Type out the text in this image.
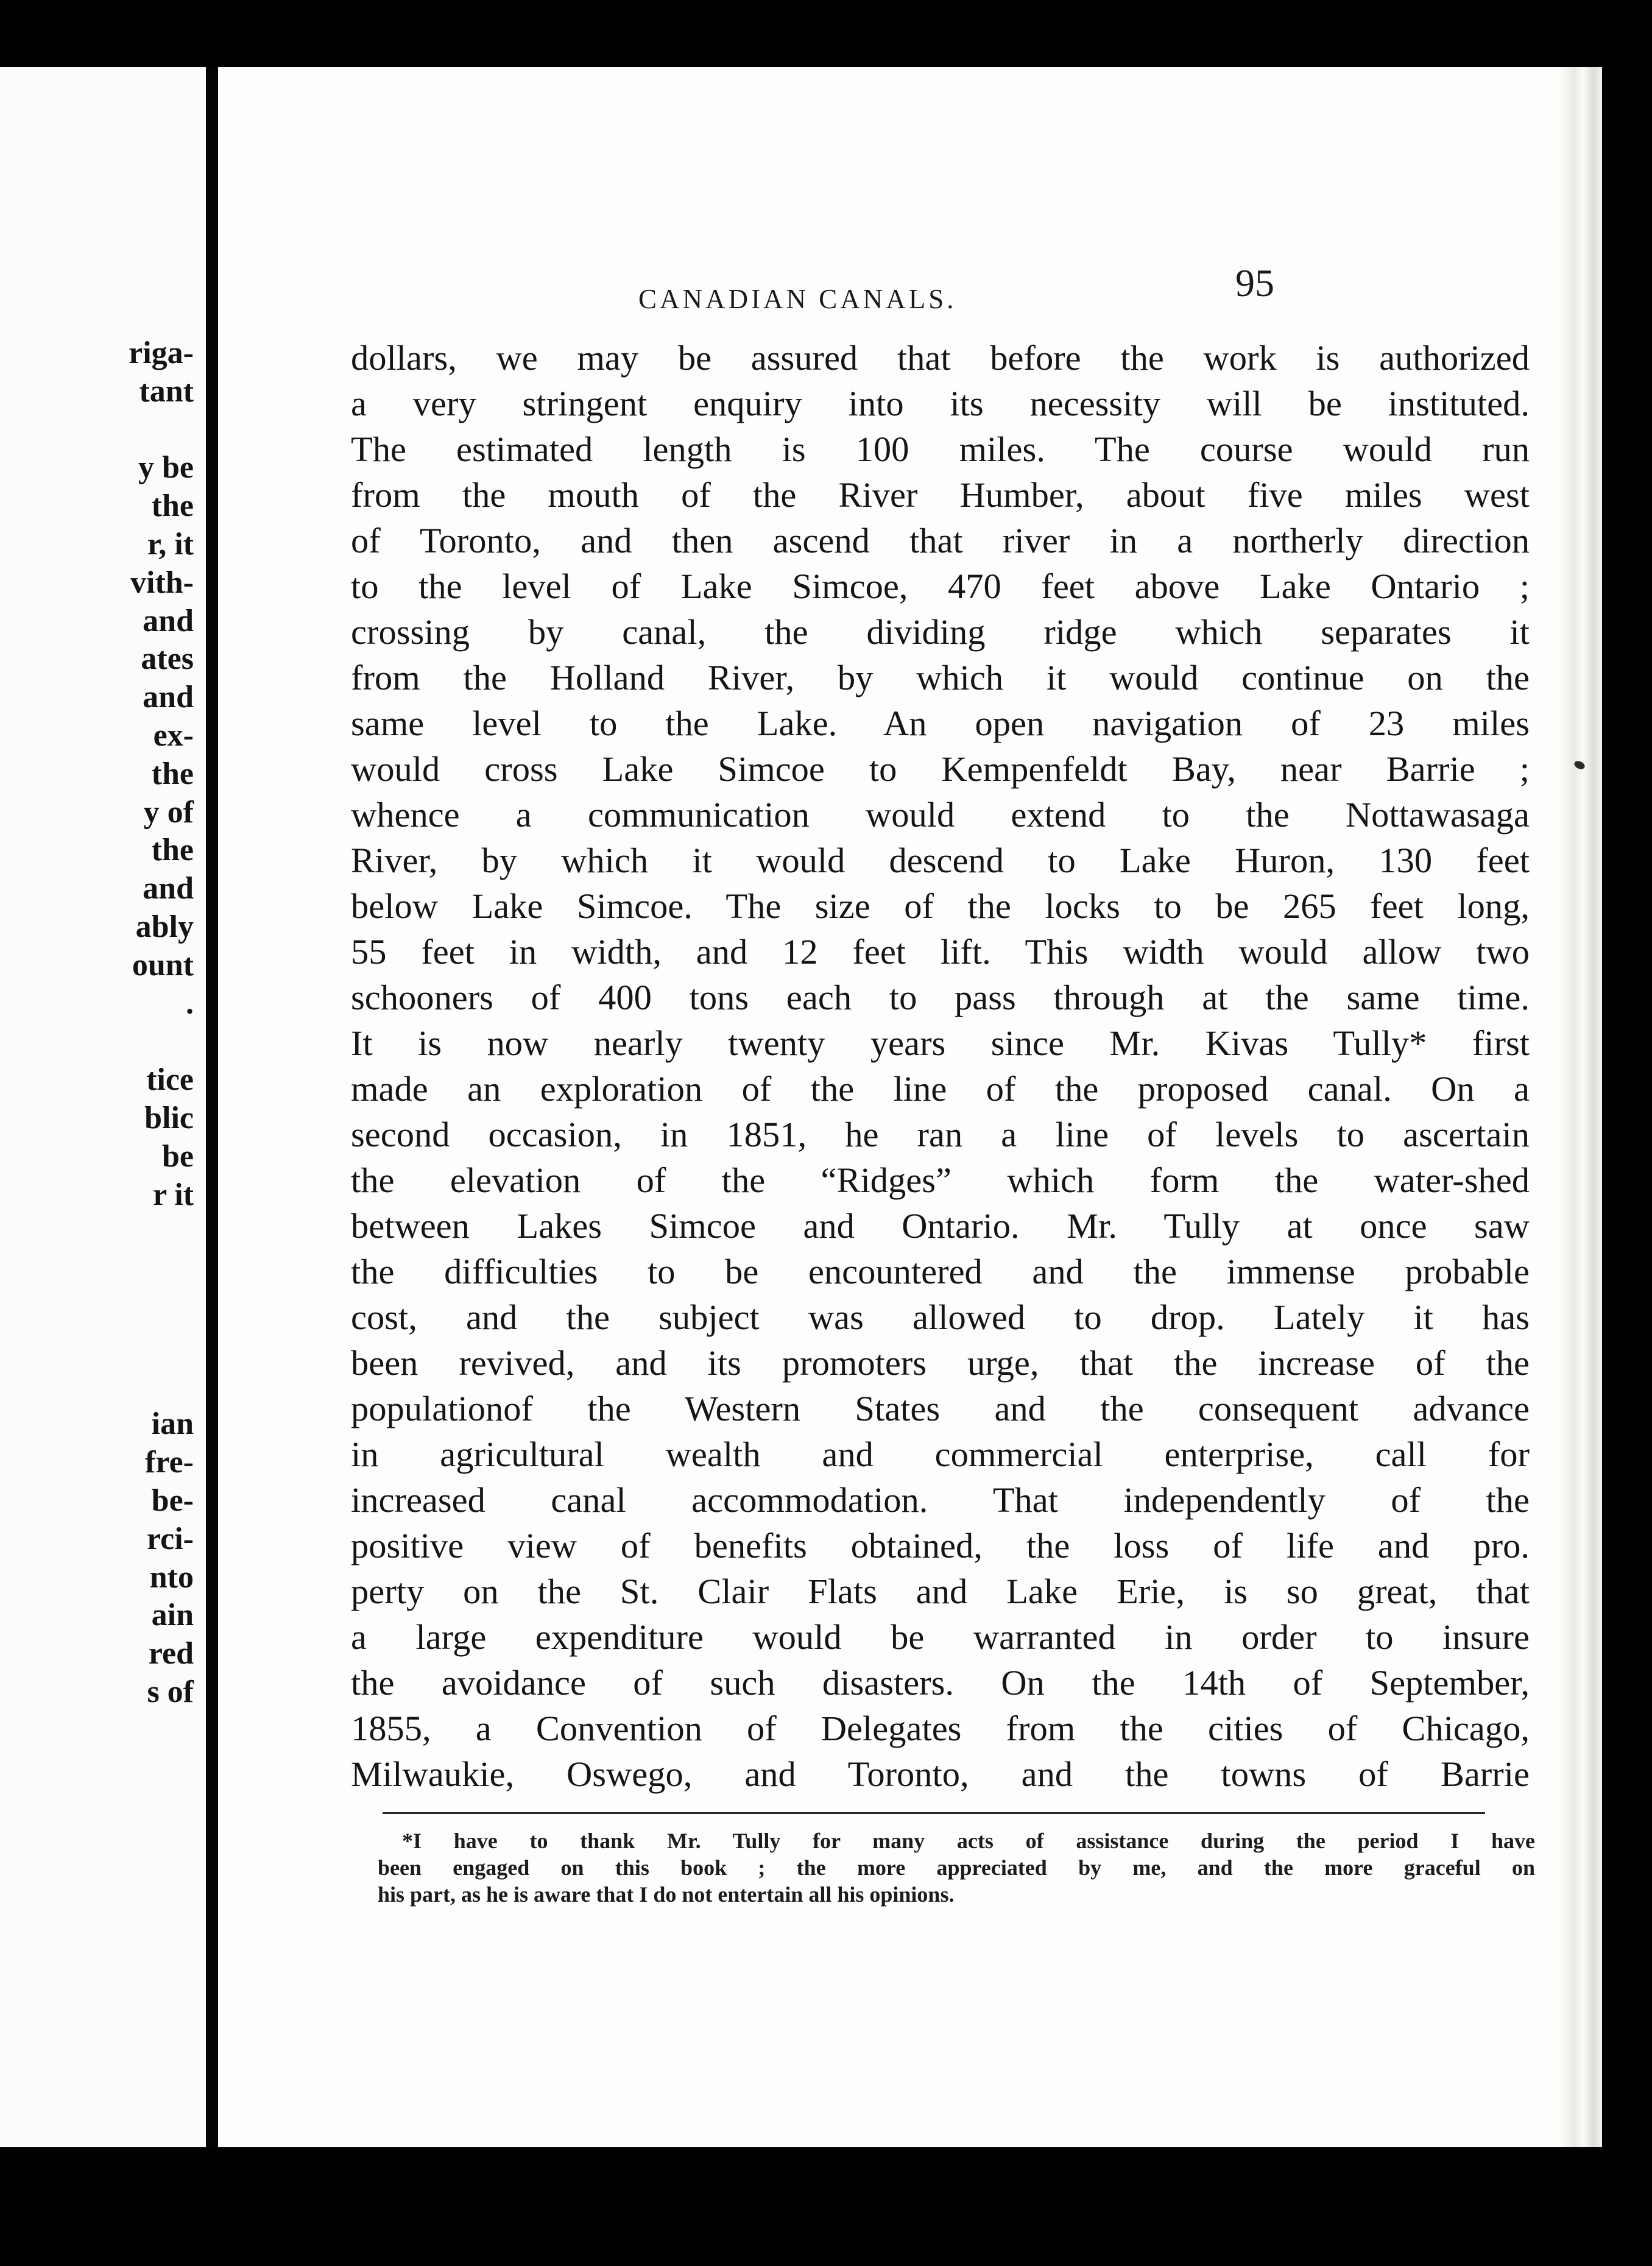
riga-
tant
y be
the
r, it
vith-
and
ates
and
ex-
the
y of
the
and
ably
ount
.
tice
blic
be
r it
ian
fre-
be-
rci-
nto
ain
red
s of
CANADIAN CANALS.	95
dollars, we may be assured that before the work is authorized
a very stringent enquiry into its necessity will be instituted.
The estimated length is 100 miles. The course would run
from the mouth of the River Humber, about five miles west
of Toronto, and then ascend that river in a northerly direction
to the level of Lake Simcoe, 470 feet above Lake Ontario ;
crossing by canal, the dividing ridge which separates it
from the Holland River, by which it would continue on the
same level to the Lake. An open navigation of 23 miles
would cross Lake Simcoe to Kempenfeldt Bay, near Barrie ;
whence a communication would extend to the Nottawasaga
River, by which it would descend to Lake Huron, 130 feet
below Lake Simcoe. The size of the locks to be 265 feet long,
55 feet in width, and 12 feet lift. This width would allow two
schooners of 400 tons each to pass through at the same time.
It is now nearly twenty years since Mr. Kivas Tully* first
made an exploration of the line of the proposed canal. On a
second occasion, in 1851, he ran a line of levels to ascertain
the elevation of the “Ridges” which form the water-shed
between Lakes Simcoe and Ontario. Mr. Tully at once saw
the difficulties to be encountered and the immense probable
cost, and the subject was allowed to drop. Lately it has
been revived, and its promoters urge, that the increase of the
populationof the Western States and the consequent advance
in agricultural wealth and commercial enterprise, call for
increased canal accommodation. That independently of the
positive view of benefits obtained, the loss of life and pro.
perty on the St. Clair Flats and Lake Erie, is so great, that
a large expenditure would be warranted in order to insure
the avoidance of such disasters. On the 14th of September,
1855, a Convention of Delegates from the cities of Chicago,
Milwaukie, Oswego, and Toronto, and the towns of Barrie
*I have to thank Mr. Tully for many acts of assistance during the period I have
been engaged on this book ; the more appreciated by me, and the more graceful on
his part, as he is aware that I do not entertain all his opinions.
